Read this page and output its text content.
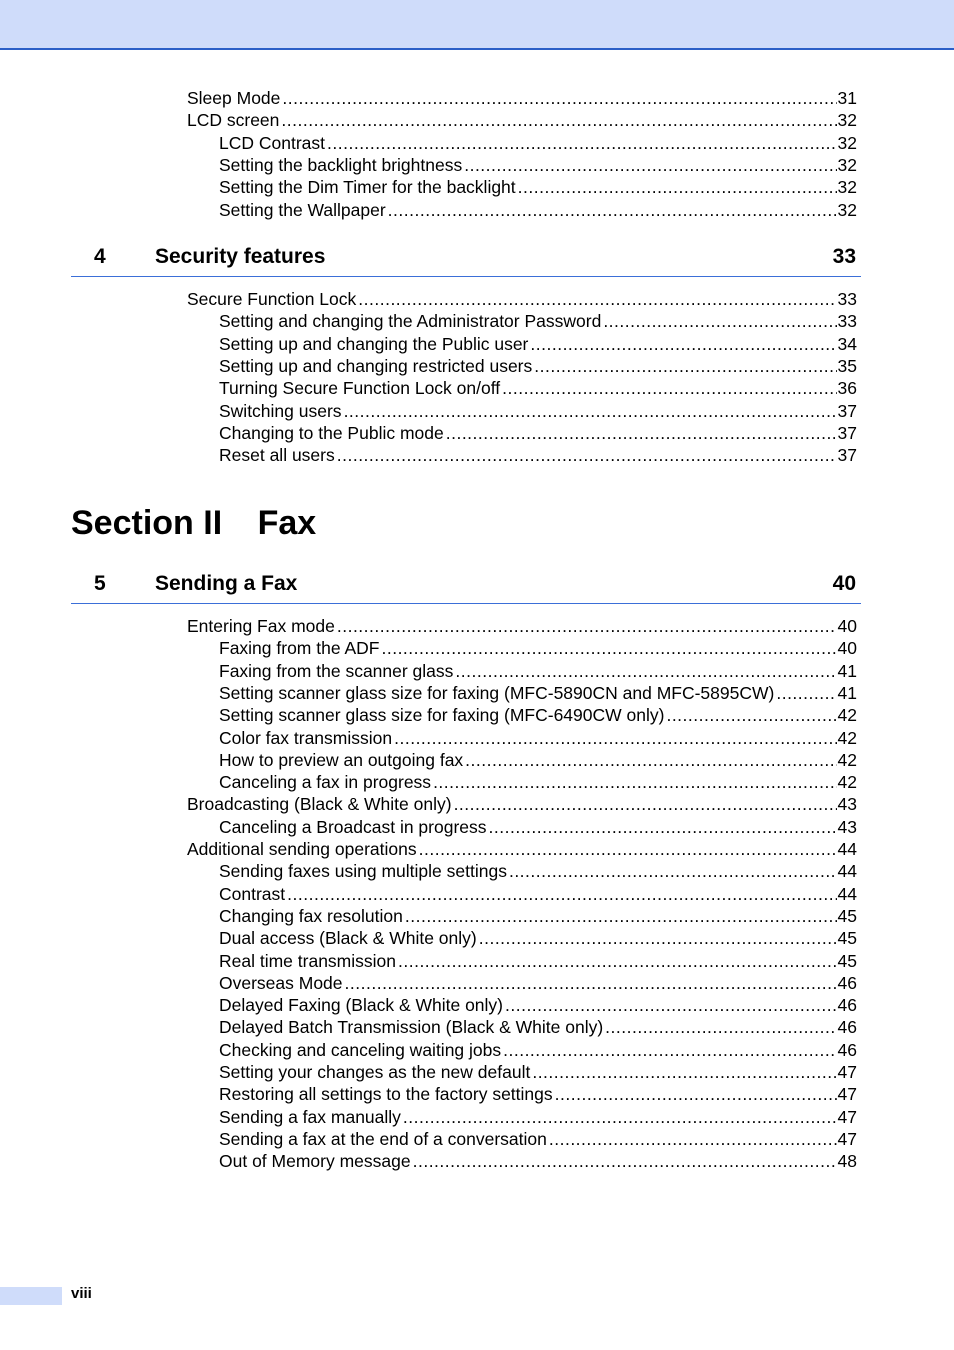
Sleep Mode .....	31
LCD screen .....	32
LCD Contrast .....	32
Setting the backlight brightness .....	32
Setting the Dim Timer for the backlight .....	32
Setting the Wallpaper .....	32
4 Security features	33
Secure Function Lock .....	33
Setting and changing the Administrator Password .....	33
Setting up and changing the Public user .....	34
Setting up and changing restricted users .....	35
Turning Secure Function Lock on/off .....	36
Switching users .....	37
Changing to the Public mode .....	37
Reset all users .....	37
Section II Fax
5 Sending a Fax	40
Entering Fax mode .....	40
Faxing from the ADF .....	40
Faxing from the scanner glass .....	41
Setting scanner glass size for faxing (MFC-5890CN and MFC-5895CW) .....	41
Setting scanner glass size for faxing (MFC-6490CW only) .....	42
Color fax transmission .....	42
How to preview an outgoing fax .....	42
Canceling a fax in progress .....	42
Broadcasting (Black & White only) .....	43
Canceling a Broadcast in progress .....	43
Additional sending operations .....	44
Sending faxes using multiple settings .....	44
Contrast .....	44
Changing fax resolution .....	45
Dual access (Black & White only) .....	45
Real time transmission .....	45
Overseas Mode .....	46
Delayed Faxing (Black & White only) .....	46
Delayed Batch Transmission (Black & White only) .....	46
Checking and canceling waiting jobs .....	46
Setting your changes as the new default .....	47
Restoring all settings to the factory settings .....	47
Sending a fax manually .....	47
Sending a fax at the end of a conversation .....	47
Out of Memory message .....	48
viii
